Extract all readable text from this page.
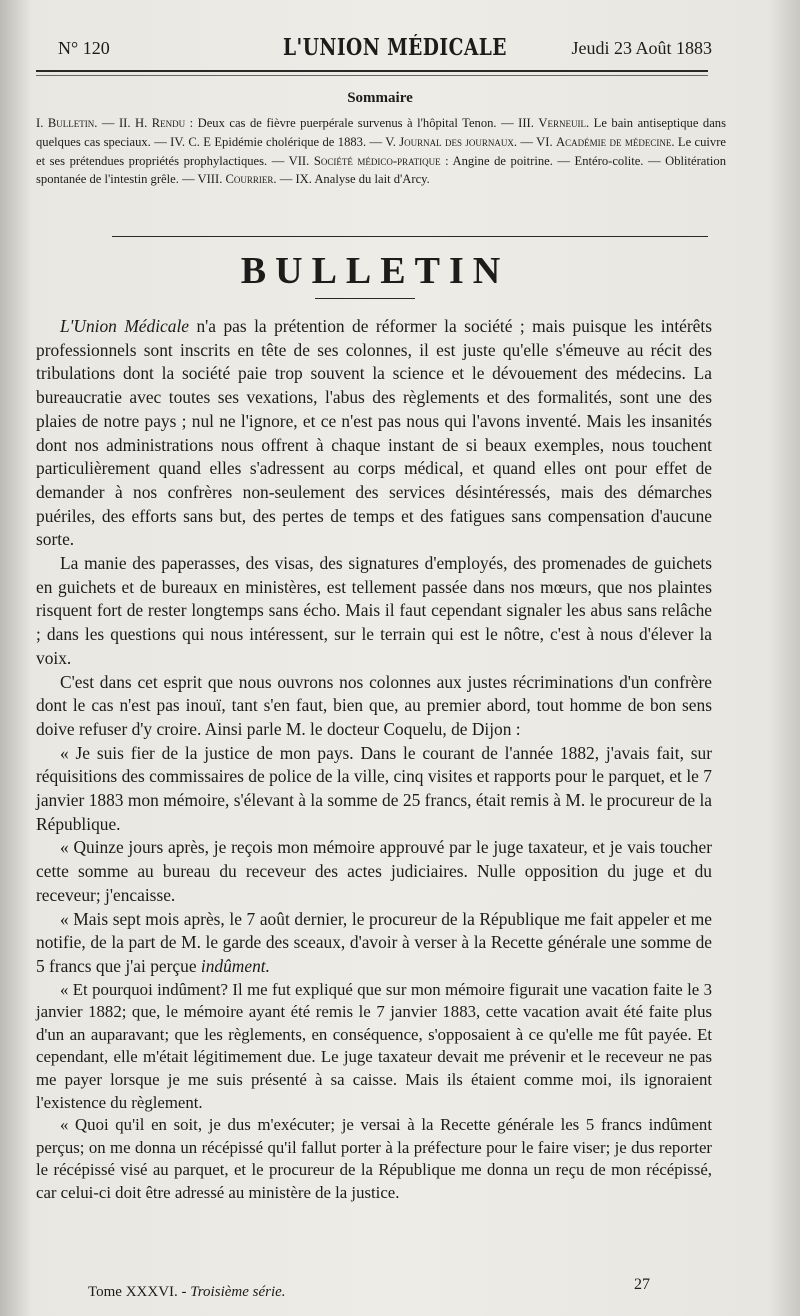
N° 120	L'UNION MÉDICALE	Jeudi 23 Août 1883
Sommaire
I. Bulletin. — II. H. Rendu : Deux cas de fièvre puerpérale survenus à l'hôpital Tenon. — III. Verneuil. Le bain antiseptique dans quelques cas speciaux. — IV. C. E Epidémie cholérique de 1883. — V. Journal des journaux. — VI. Académie de médecine. Le cuivre et ses prétendues propriétés prophylactiques. — VII. Société médico-pratique : Angine de poitrine. — Entéro-colite. — Oblitération spontanée de l'intestin grêle. — VIII. Courrier. — IX. Analyse du lait d'Arcy.
BULLETIN

L'Union Médicale n'a pas la prétention de réformer la société ; mais puisque les intérêts professionnels sont inscrits en tête de ses colonnes, il est juste qu'elle s'émeuve au récit des tribulations dont la société paie trop souvent la science et le dévouement des médecins. La bureaucratie avec toutes ses vexations, l'abus des règlements et des formalités, sont une des plaies de notre pays ; nul ne l'ignore, et ce n'est pas nous qui l'avons inventé. Mais les insanités dont nos administrations nous offrent à chaque instant de si beaux exemples, nous touchent particulièrement quand elles s'adressent au corps médical, et quand elles ont pour effet de demander à nos confrères non-seulement des services désintéressés, mais des démarches puériles, des efforts sans but, des pertes de temps et des fatigues sans compensation d'aucune sorte.

La manie des paperasses, des visas, des signatures d'employés, des promenades de guichets en guichets et de bureaux en ministères, est tellement passée dans nos mœurs, que nos plaintes risquent fort de rester longtemps sans écho. Mais il faut cependant signaler les abus sans relâche ; dans les questions qui nous intéressent, sur le terrain qui est le nôtre, c'est à nous d'élever la voix.

C'est dans cet esprit que nous ouvrons nos colonnes aux justes récriminations d'un confrère dont le cas n'est pas inouï, tant s'en faut, bien que, au premier abord, tout homme de bon sens doive refuser d'y croire. Ainsi parle M. le docteur Coquelu, de Dijon :

« Je suis fier de la justice de mon pays. Dans le courant de l'année 1882, j'avais fait, sur réquisitions des commissaires de police de la ville, cinq visites et rapports pour le parquet, et le 7 janvier 1883 mon mémoire, s'élevant à la somme de 25 francs, était remis à M. le procureur de la République.

« Quinze jours après, je reçois mon mémoire approuvé par le juge taxateur, et je vais toucher cette somme au bureau du receveur des actes judiciaires. Nulle opposition du juge et du receveur; j'encaisse.

« Mais sept mois après, le 7 août dernier, le procureur de la République me fait appeler et me notifie, de la part de M. le garde des sceaux, d'avoir à verser à la Recette générale une somme de 5 francs que j'ai perçue indûment.

« Et pourquoi indûment? Il me fut expliqué que sur mon mémoire figurait une vacation faite le 3 janvier 1882; que, le mémoire ayant été remis le 7 janvier 1883, cette vacation avait été faite plus d'un an auparavant; que les règlements, en conséquence, s'opposaient à ce qu'elle me fût payée. Et cependant, elle m'était légitimement due. Le juge taxateur devait me prévenir et le receveur ne pas me payer lorsque je me suis présenté à sa caisse. Mais ils étaient comme moi, ils ignoraient l'existence du règlement.

« Quoi qu'il en soit, je dus m'exécuter; je versai à la Recette générale les 5 francs indûment perçus; on me donna un récépissé qu'il fallut porter à la préfecture pour le faire viser; je dus reporter le récépissé visé au parquet, et le procureur de la République me donna un reçu de mon récépissé, car celui-ci doit être adressé au ministère de la justice.

Tome XXXVI. - Troisième série.	27
